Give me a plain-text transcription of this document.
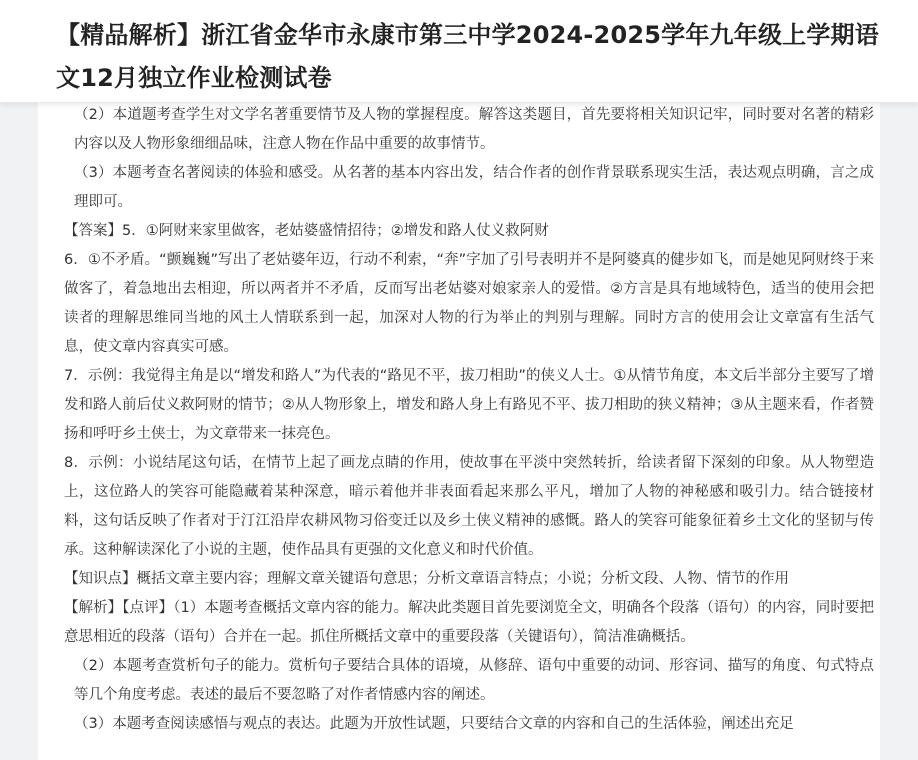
【精品解析】浙江省金华市永康市第三中学2024-2025学年九年级上学期语文12月独立作业检测试卷

（2）本道题考查学生对文学名著重要情节及人物的掌握程度。解答这类题目，首先要将相关知识记牢，同时要对名著的精彩内容以及人物形象细细品味，注意人物在作品中重要的故事情节。

（3）本题考查名著阅读的体验和感受。从名著的基本内容出发，结合作者的创作背景联系现实生活，表达观点明确，言之成理即可。

【答案】5．①阿财来家里做客，老姑婆盛情招待；②增发和路人仗义救阿财

6．①不矛盾。“颤巍巍”写出了老姑婆年迈，行动不利索，“奔”字加了引号表明并不是阿婆真的健步如飞，而是她见阿财终于来做客了，着急地出去相迎，所以两者并不矛盾，反而写出老姑婆对娘家亲人的爱惜。②方言是具有地域特色，适当的使用会把读者的理解思维同当地的风土人情联系到一起，加深对人物的行为举止的判别与理解。同时方言的使用会让文章富有生活气息，使文章内容真实可感。

7．示例：我觉得主角是以“增发和路人”为代表的“路见不平，拔刀相助”的侠义人士。①从情节角度，本文后半部分主要写了增发和路人前后仗义救阿财的情节；②从人物形象上，增发和路人身上有路见不平、拔刀相助的狭义精神；③从主题来看，作者赞扬和呼吁乡土侠士，为文章带来一抹亮色。

8．示例：小说结尾这句话，在情节上起了画龙点睛的作用，使故事在平淡中突然转折，给读者留下深刻的印象。从人物塑造上，这位路人的笑容可能隐藏着某种深意，暗示着他并非表面看起来那么平凡，增加了人物的神秘感和吸引力。结合链接材料，这句话反映了作者对于汀江沿岸农耕风物习俗变迁以及乡土侠义精神的感慨。路人的笑容可能象征着乡土文化的坚韧与传承。这种解读深化了小说的主题，使作品具有更强的文化意义和时代价值。

【知识点】概括文章主要内容；理解文章关键语句意思；分析文章语言特点；小说；分析文段、人物、情节的作用

【解析】【点评】（1）本题考查概括文章内容的能力。解决此类题目首先要浏览全文，明确各个段落（语句）的内容，同时要把意思相近的段落（语句）合并在一起。抓住所概括文章中的重要段落（关键语句），简洁准确概括。

（2）本题考查赏析句子的能力。赏析句子要结合具体的语境，从修辞、语句中重要的动词、形容词、描写的角度、句式特点等几个角度考虑。表述的最后不要忽略了对作者情感内容的阐述。

（3）本题考查阅读感悟与观点的表达。此题为开放性试题，只要结合文章的内容和自己的生活体验，阐述出充足
